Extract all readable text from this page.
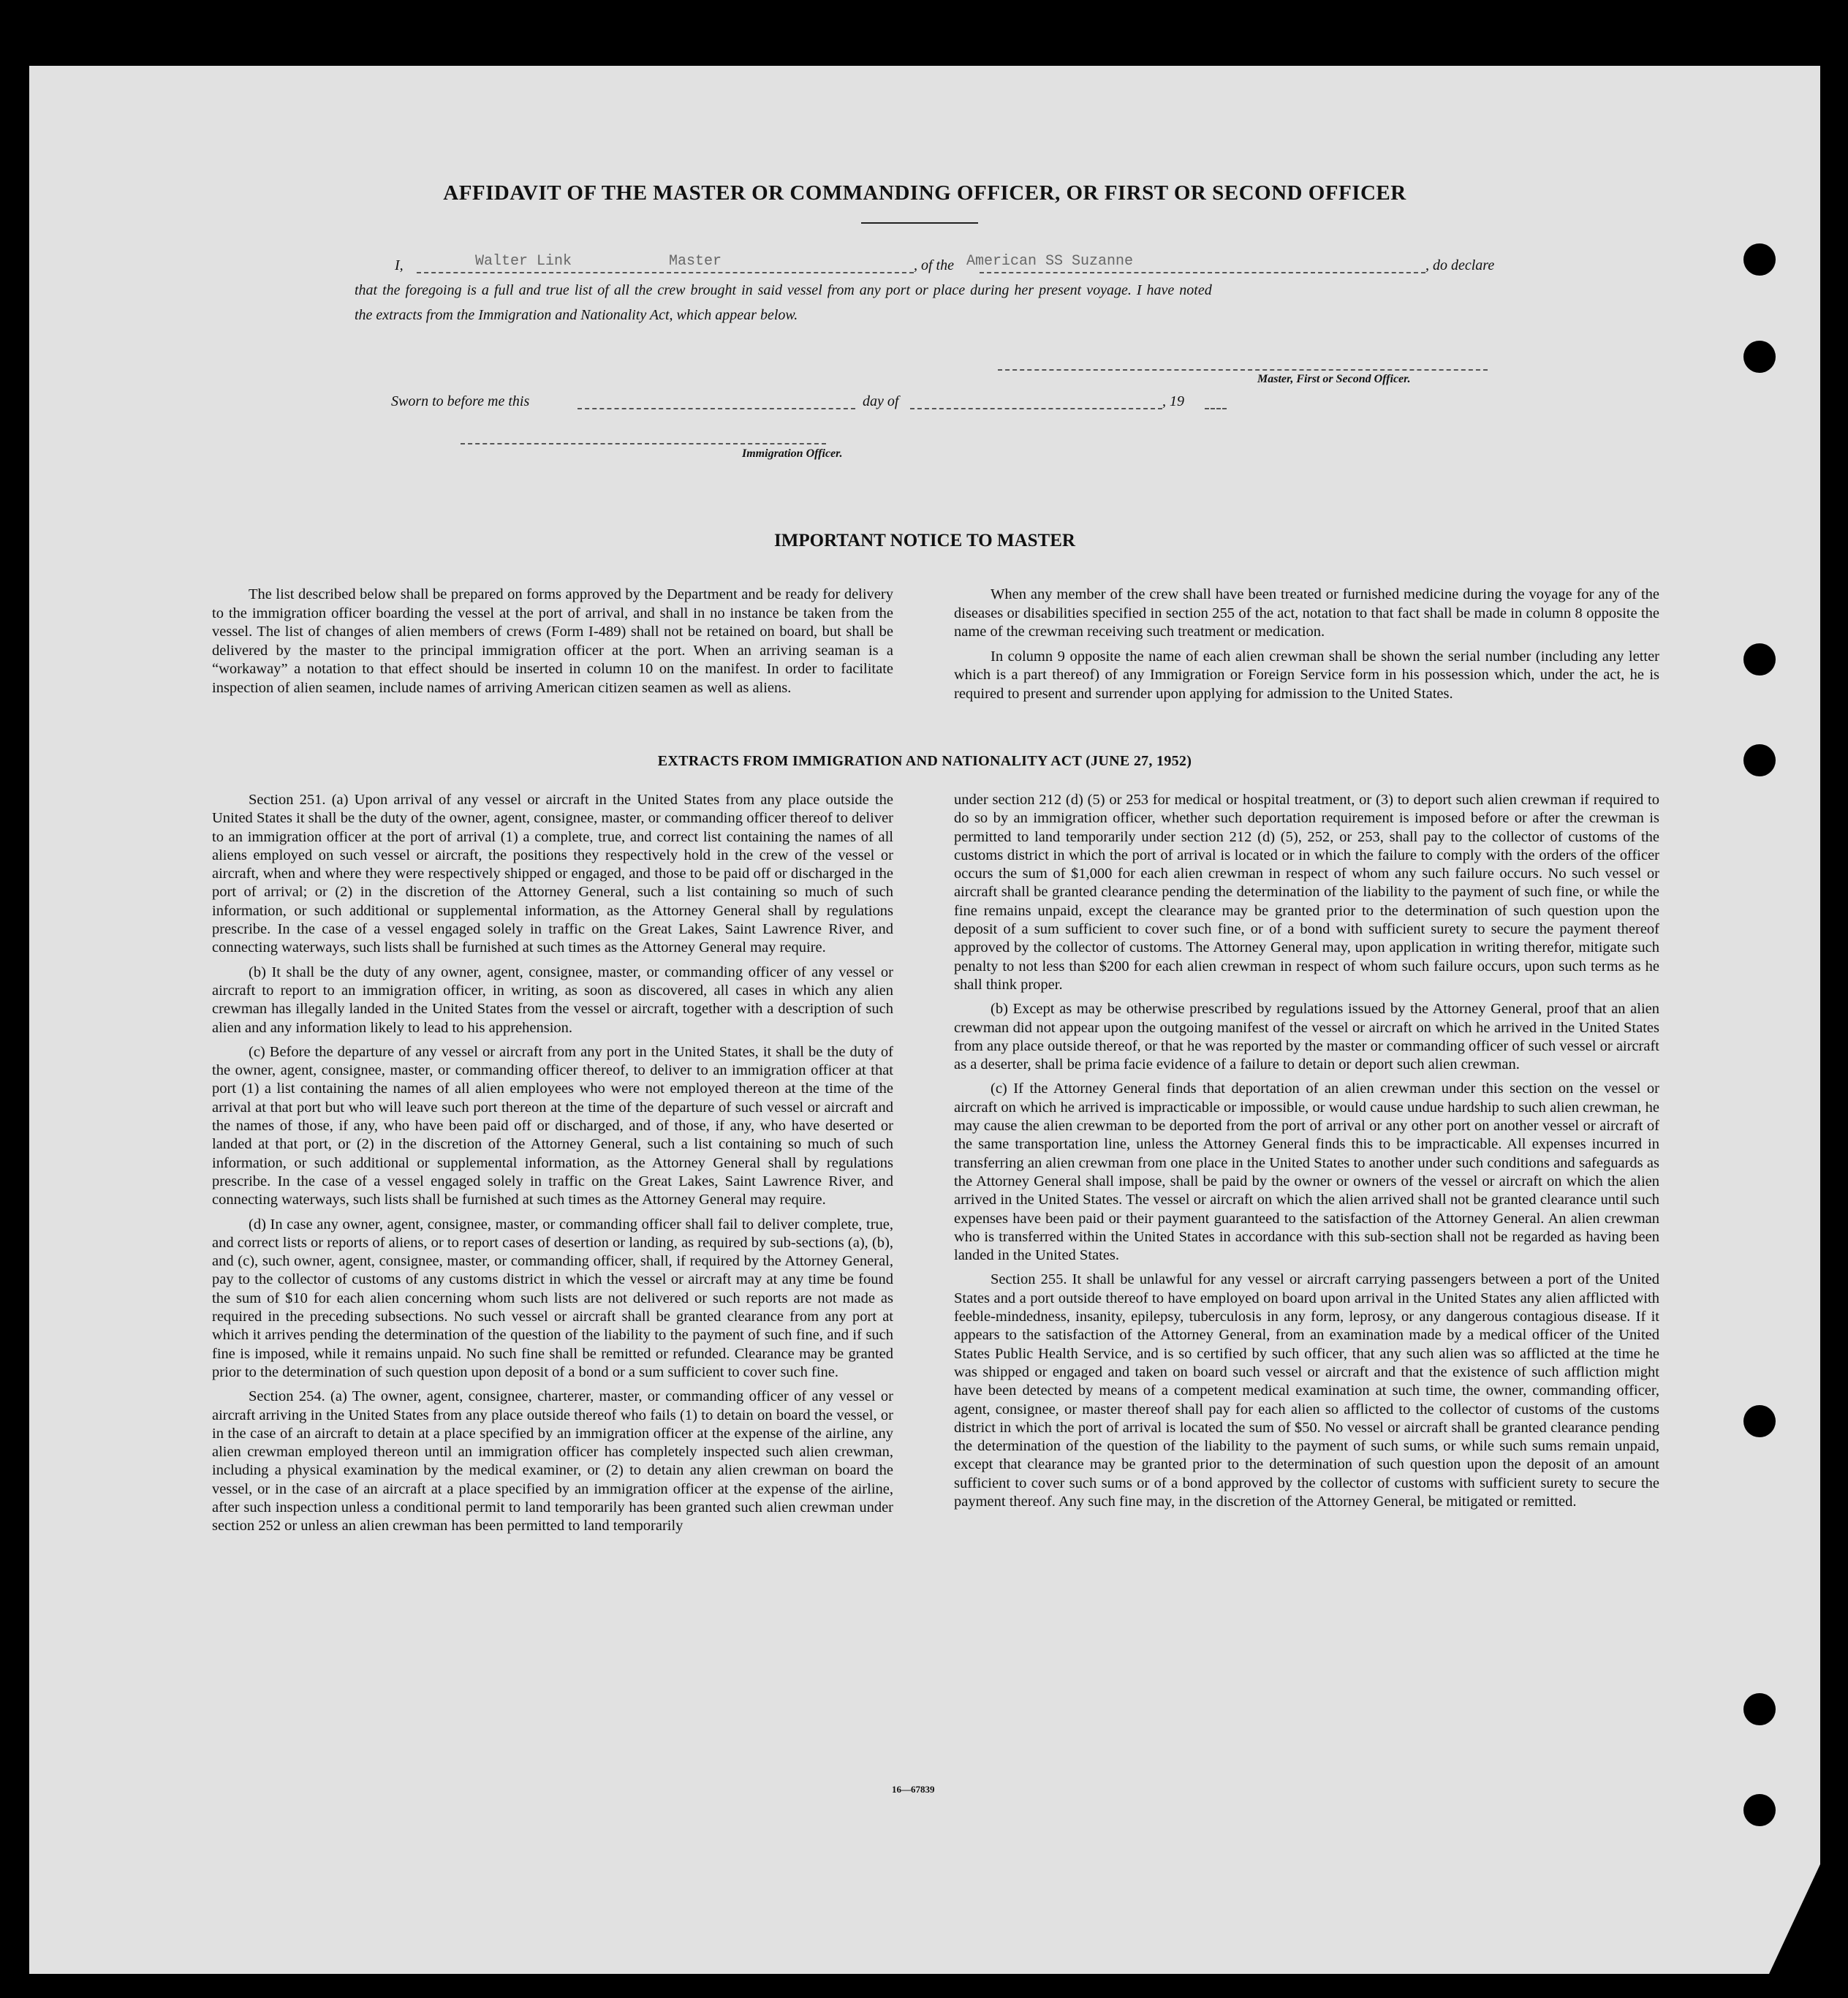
AFFIDAVIT OF THE MASTER OR COMMANDING OFFICER, OR FIRST OR SECOND OFFICER
I,	Walter Link	Master	, of the American SS Suzanne	, do declare
that the foregoing is a full and true list of all the crew brought in said vessel from any port or place during her present voyage. I have noted
the extracts from the Immigration and Nationality Act, which appear below.
Master, First or Second Officer.
Sworn to before me this	day of	, 19
Immigration Officer.
IMPORTANT NOTICE TO MASTER

The list described below shall be prepared on forms approved by the Department and be ready for delivery to the immigration officer boarding the vessel at the port of arrival, and shall in no instance be taken from the vessel. The list of changes of alien members of crews (Form I-489) shall not be retained on board, but shall be delivered by the master to the principal immigration officer at the port. When an arriving seaman is a “workaway” a notation to that effect should be inserted in column 10 on the manifest. In order to facilitate inspection of alien seamen, include names of arriving American citizen seamen as well as aliens.

When any member of the crew shall have been treated or furnished medicine during the voyage for any of the diseases or disabilities specified in section 255 of the act, notation to that fact shall be made in column 8 opposite the name of the crewman receiving such treatment or medication.

In column 9 opposite the name of each alien crewman shall be shown the serial number (including any letter which is a part thereof) of any Immigration or Foreign Service form in his possession which, under the act, he is required to present and surrender upon applying for admission to the United States.

EXTRACTS FROM IMMIGRATION AND NATIONALITY ACT (JUNE 27, 1952)

Section 251. (a) Upon arrival of any vessel or aircraft in the United States from any place outside the United States it shall be the duty of the owner, agent, consignee, master, or commanding officer thereof to deliver to an immigration officer at the port of arrival (1) a complete, true, and correct list containing the names of all aliens employed on such vessel or aircraft, the positions they respectively hold in the crew of the vessel or aircraft, when and where they were respectively shipped or engaged, and those to be paid off or discharged in the port of arrival; or (2) in the discretion of the Attorney General, such a list containing so much of such information, or such additional or supplemental information, as the Attorney General shall by regulations prescribe. In the case of a vessel engaged solely in traffic on the Great Lakes, Saint Lawrence River, and connecting waterways, such lists shall be furnished at such times as the Attorney General may require.

(b) It shall be the duty of any owner, agent, consignee, master, or commanding officer of any vessel or aircraft to report to an immigration officer, in writing, as soon as discovered, all cases in which any alien crewman has illegally landed in the United States from the vessel or aircraft, together with a description of such alien and any information likely to lead to his apprehension.

(c) Before the departure of any vessel or aircraft from any port in the United States, it shall be the duty of the owner, agent, consignee, master, or commanding officer thereof, to deliver to an immigration officer at that port (1) a list containing the names of all alien employees who were not employed thereon at the time of the arrival at that port but who will leave such port thereon at the time of the departure of such vessel or aircraft and the names of those, if any, who have been paid off or discharged, and of those, if any, who have deserted or landed at that port, or (2) in the discretion of the Attorney General, such a list containing so much of such information, or such additional or supplemental information, as the Attorney General shall by regulations prescribe. In the case of a vessel engaged solely in traffic on the Great Lakes, Saint Lawrence River, and connecting waterways, such lists shall be furnished at such times as the Attorney General may require.

(d) In case any owner, agent, consignee, master, or commanding officer shall fail to deliver complete, true, and correct lists or reports of aliens, or to report cases of desertion or landing, as required by sub-sections (a), (b), and (c), such owner, agent, consignee, master, or commanding officer, shall, if required by the Attorney General, pay to the collector of customs of any customs district in which the vessel or aircraft may at any time be found the sum of $10 for each alien concerning whom such lists are not delivered or such reports are not made as required in the preceding subsections. No such vessel or aircraft shall be granted clearance from any port at which it arrives pending the determination of the question of the liability to the payment of such fine, and if such fine is imposed, while it remains unpaid. No such fine shall be remitted or refunded. Clearance may be granted prior to the determination of such question upon deposit of a bond or a sum sufficient to cover such fine.

Section 254. (a) The owner, agent, consignee, charterer, master, or commanding officer of any vessel or aircraft arriving in the United States from any place outside thereof who fails (1) to detain on board the vessel, or in the case of an aircraft to detain at a place specified by an immigration officer at the expense of the airline, any alien crewman employed thereon until an immigration officer has completely inspected such alien crewman, including a physical examination by the medical examiner, or (2) to detain any alien crewman on board the vessel, or in the case of an aircraft at a place specified by an immigration officer at the expense of the airline, after such inspection unless a conditional permit to land temporarily has been granted such alien crewman under section 252 or unless an alien crewman has been permitted to land temporarily

under section 212 (d) (5) or 253 for medical or hospital treatment, or (3) to deport such alien crewman if required to do so by an immigration officer, whether such deportation requirement is imposed before or after the crewman is permitted to land temporarily under section 212 (d) (5), 252, or 253, shall pay to the collector of customs of the customs district in which the port of arrival is located or in which the failure to comply with the orders of the officer occurs the sum of $1,000 for each alien crewman in respect of whom any such failure occurs. No such vessel or aircraft shall be granted clearance pending the determination of the liability to the payment of such fine, or while the fine remains unpaid, except the clearance may be granted prior to the determination of such question upon the deposit of a sum sufficient to cover such fine, or of a bond with sufficient surety to secure the payment thereof approved by the collector of customs. The Attorney General may, upon application in writing therefor, mitigate such penalty to not less than $200 for each alien crewman in respect of whom such failure occurs, upon such terms as he shall think proper.

(b) Except as may be otherwise prescribed by regulations issued by the Attorney General, proof that an alien crewman did not appear upon the outgoing manifest of the vessel or aircraft on which he arrived in the United States from any place outside thereof, or that he was reported by the master or commanding officer of such vessel or aircraft as a deserter, shall be prima facie evidence of a failure to detain or deport such alien crewman.

(c) If the Attorney General finds that deportation of an alien crewman under this section on the vessel or aircraft on which he arrived is impracticable or impossible, or would cause undue hardship to such alien crewman, he may cause the alien crewman to be deported from the port of arrival or any other port on another vessel or aircraft of the same transportation line, unless the Attorney General finds this to be impracticable. All expenses incurred in transferring an alien crewman from one place in the United States to another under such conditions and safeguards as the Attorney General shall impose, shall be paid by the owner or owners of the vessel or aircraft on which the alien arrived in the United States. The vessel or aircraft on which the alien arrived shall not be granted clearance until such expenses have been paid or their payment guaranteed to the satisfaction of the Attorney General. An alien crewman who is transferred within the United States in accordance with this sub-section shall not be regarded as having been landed in the United States.

Section 255. It shall be unlawful for any vessel or aircraft carrying passengers between a port of the United States and a port outside thereof to have employed on board upon arrival in the United States any alien afflicted with feeble-mindedness, insanity, epilepsy, tuberculosis in any form, leprosy, or any dangerous contagious disease. If it appears to the satisfaction of the Attorney General, from an examination made by a medical officer of the United States Public Health Service, and is so certified by such officer, that any such alien was so afflicted at the time he was shipped or engaged and taken on board such vessel or aircraft and that the existence of such affliction might have been detected by means of a competent medical examination at such time, the owner, commanding officer, agent, consignee, or master thereof shall pay for each alien so afflicted to the collector of customs of the customs district in which the port of arrival is located the sum of $50. No vessel or aircraft shall be granted clearance pending the determination of the question of the liability to the payment of such sums, or while such sums remain unpaid, except that clearance may be granted prior to the determination of such question upon the deposit of an amount sufficient to cover such sums or of a bond approved by the collector of customs with sufficient surety to secure the payment thereof. Any such fine may, in the discretion of the Attorney General, be mitigated or remitted.

16—67839
